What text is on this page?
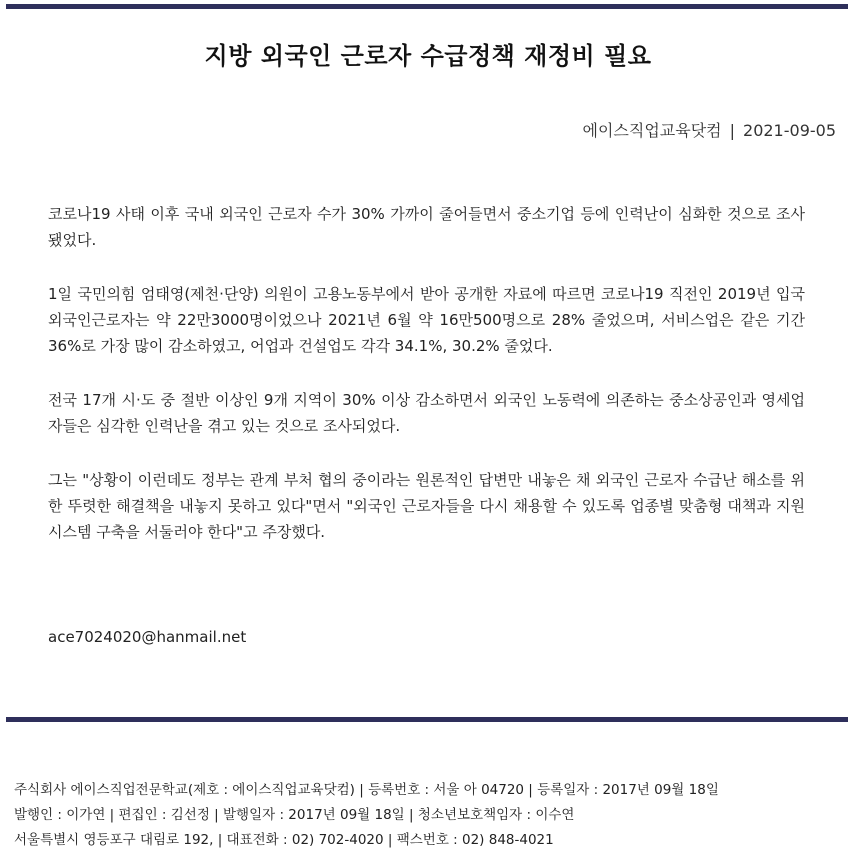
지방 외국인 근로자 수급정책 재정비 필요
에이스직업교육닷컴 | 2021-09-05

코로나19 사태 이후 국내 외국인 근로자 수가 30% 가까이 줄어들면서 중소기업 등에 인력난이 심화한 것으로 조사됐었다.

1일 국민의힘 엄태영(제천·단양) 의원이 고용노동부에서 받아 공개한 자료에 따르면 코로나19 직전인 2019년 입국 외국인근로자는 약 22만3000명이었으나 2021년 6월 약 16만500명으로 28% 줄었으며, 서비스업은 같은 기간 36%로 가장 많이 감소하였고, 어업과 건설업도 각각 34.1%, 30.2% 줄었다.

전국 17개 시·도 중 절반 이상인 9개 지역이 30% 이상 감소하면서 외국인 노동력에 의존하는 중소상공인과 영세업자들은 심각한 인력난을 겪고 있는 것으로 조사되었다.

그는 "상황이 이런데도 정부는 관계 부처 협의 중이라는 원론적인 답변만 내놓은 채 외국인 근로자 수급난 해소를 위한 뚜렷한 해결책을 내놓지 못하고 있다"면서 "외국인 근로자들을 다시 채용할 수 있도록 업종별 맞춤형 대책과 지원 시스템 구축을 서둘러야 한다"고 주장했다.

ace7024020@hanmail.net
주식회사 에이스직업전문학교(제호 : 에이스직업교육닷컴) | 등록번호 : 서울 아 04720 | 등록일자 : 2017년 09월 18일
발행인 : 이가연 | 편집인 : 김선정 | 발행일자 : 2017년 09월 18일 | 청소년보호책임자 : 이수연
서울특별시 영등포구 대림로 192, | 대표전화 : 02) 702-4020 | 팩스번호 : 02) 848-4021
